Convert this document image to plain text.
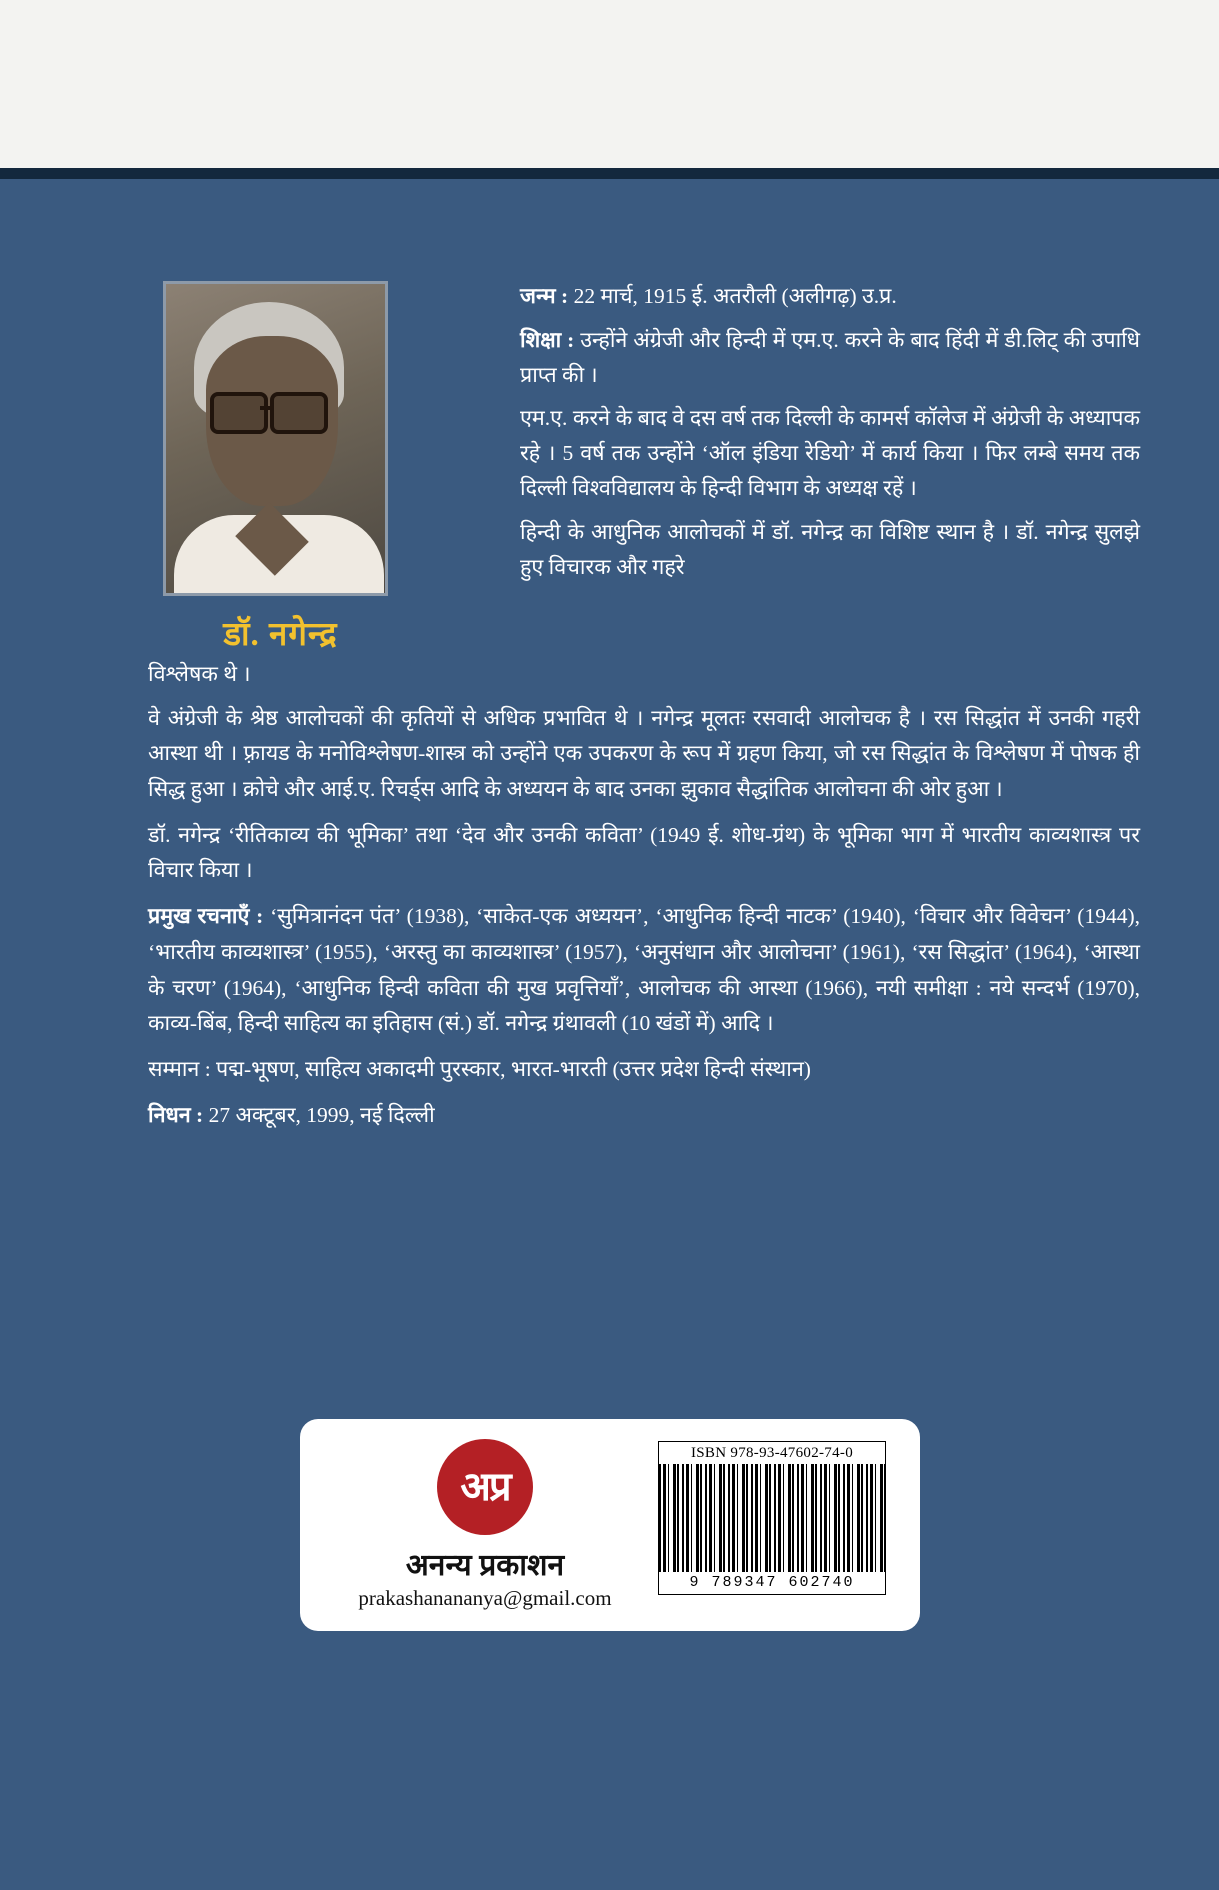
डॉ. नगेन्द्र

जन्म : 22 मार्च, 1915 ई. अतरौली (अलीगढ़) उ.प्र.

शिक्षा : उन्होंने अंग्रेजी और हिन्दी में एम.ए. करने के बाद हिंदी में डी.लिट् की उपाधि प्राप्त की ।

एम.ए. करने के बाद वे दस वर्ष तक दिल्ली के कामर्स कॉलेज में अंग्रेजी के अध्यापक रहे । 5 वर्ष तक उन्होंने ‘ऑल इंडिया रेडियो’ में कार्य किया । फिर लम्बे समय तक दिल्ली विश्वविद्यालय के हिन्दी विभाग के अध्यक्ष रहें ।

हिन्दी के आधुनिक आलोचकों में डॉ. नगेन्द्र का विशिष्ट स्थान है । डॉ. नगेन्द्र सुलझे हुए विचारक और गहरे

विश्लेषक थे ।

वे अंग्रेजी के श्रेष्ठ आलोचकों की कृतियों से अधिक प्रभावित थे । नगेन्द्र मूलतः रसवादी आलोचक है । रस सिद्धांत में उनकी गहरी आस्था थी । फ़्रायड के मनोविश्लेषण-शास्त्र को उन्होंने एक उपकरण के रूप में ग्रहण किया, जो रस सिद्धांत के विश्लेषण में पोषक ही सिद्ध हुआ । क्रोचे और आई.ए. रिचर्ड्स आदि के अध्ययन के बाद उनका झुकाव सैद्धांतिक आलोचना की ओर हुआ ।

डॉ. नगेन्द्र ‘रीतिकाव्य की भूमिका’ तथा ‘देव और उनकी कविता’ (1949 ई. शोध-ग्रंथ) के भूमिका भाग में भारतीय काव्यशास्त्र पर विचार किया ।

प्रमुख रचनाएँ : ‘सुमित्रानंदन पंत’ (1938), ‘साकेत-एक अध्ययन’, ‘आधुनिक हिन्दी नाटक’ (1940), ‘विचार और विवेचन’ (1944), ‘भारतीय काव्यशास्त्र’ (1955), ‘अरस्तु का काव्यशास्त्र’ (1957), ‘अनुसंधान और आलोचना’ (1961), ‘रस सिद्धांत’ (1964), ‘आस्था के चरण’ (1964), ‘आधुनिक हिन्दी कविता की मुख प्रवृत्तियाँ’, आलोचक की आस्था (1966), नयी समीक्षा : नये सन्दर्भ (1970), काव्य-बिंब, हिन्दी साहित्य का इतिहास (सं.) डॉ. नगेन्द्र ग्रंथावली (10 खंडों में) आदि ।

सम्मान : पद्म-भूषण, साहित्य अकादमी पुरस्कार, भारत-भारती (उत्तर प्रदेश हिन्दी संस्थान)

निधन : 27 अक्टूबर, 1999, नई दिल्ली

अप्र
अनन्य प्रकाशन
prakashanananya@gmail.com
ISBN 978-93-47602-74-0
9 789347 602740
